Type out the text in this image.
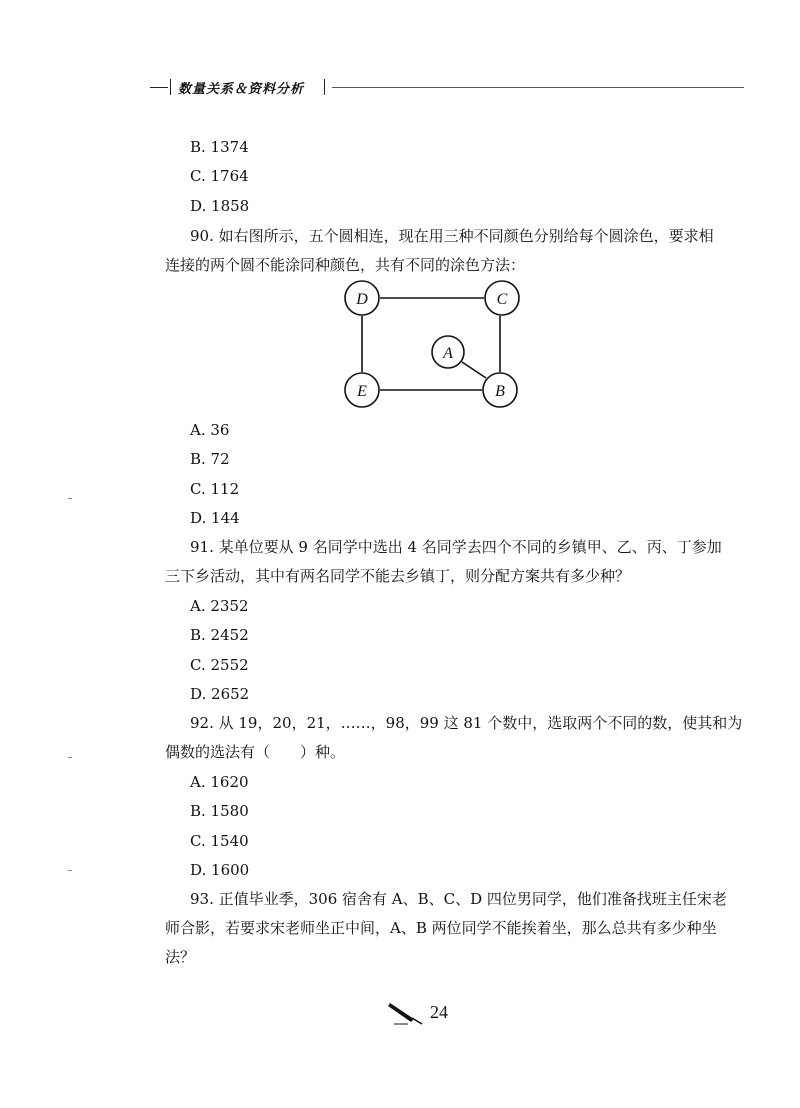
数量关系＆资料分析
B. 1374
C. 1764
D. 1858
90. 如右图所示，五个圆相连，现在用三种不同颜色分别给每个圆涂色，要求相
连接的两个圆不能涂同种颜色，共有不同的涂色方法：
D	C
A
E	B
A. 36
B. 72
C. 112
D. 144
91. 某单位要从 9 名同学中选出 4 名同学去四个不同的乡镇甲、乙、丙、丁参加
三下乡活动，其中有两名同学不能去乡镇丁，则分配方案共有多少种？
A. 2352
B. 2452
C. 2552
D. 2652
92. 从 19，20，21，……，98，99 这 81 个数中，选取两个不同的数，使其和为
偶数的选法有（　　）种。
A. 1620
B. 1580
C. 1540
D. 1600
93. 正值毕业季，306 宿舍有 A、B、C、D 四位男同学，他们准备找班主任宋老
师合影，若要求宋老师坐正中间，A、B 两位同学不能挨着坐，那么总共有多少种坐
法？
24
